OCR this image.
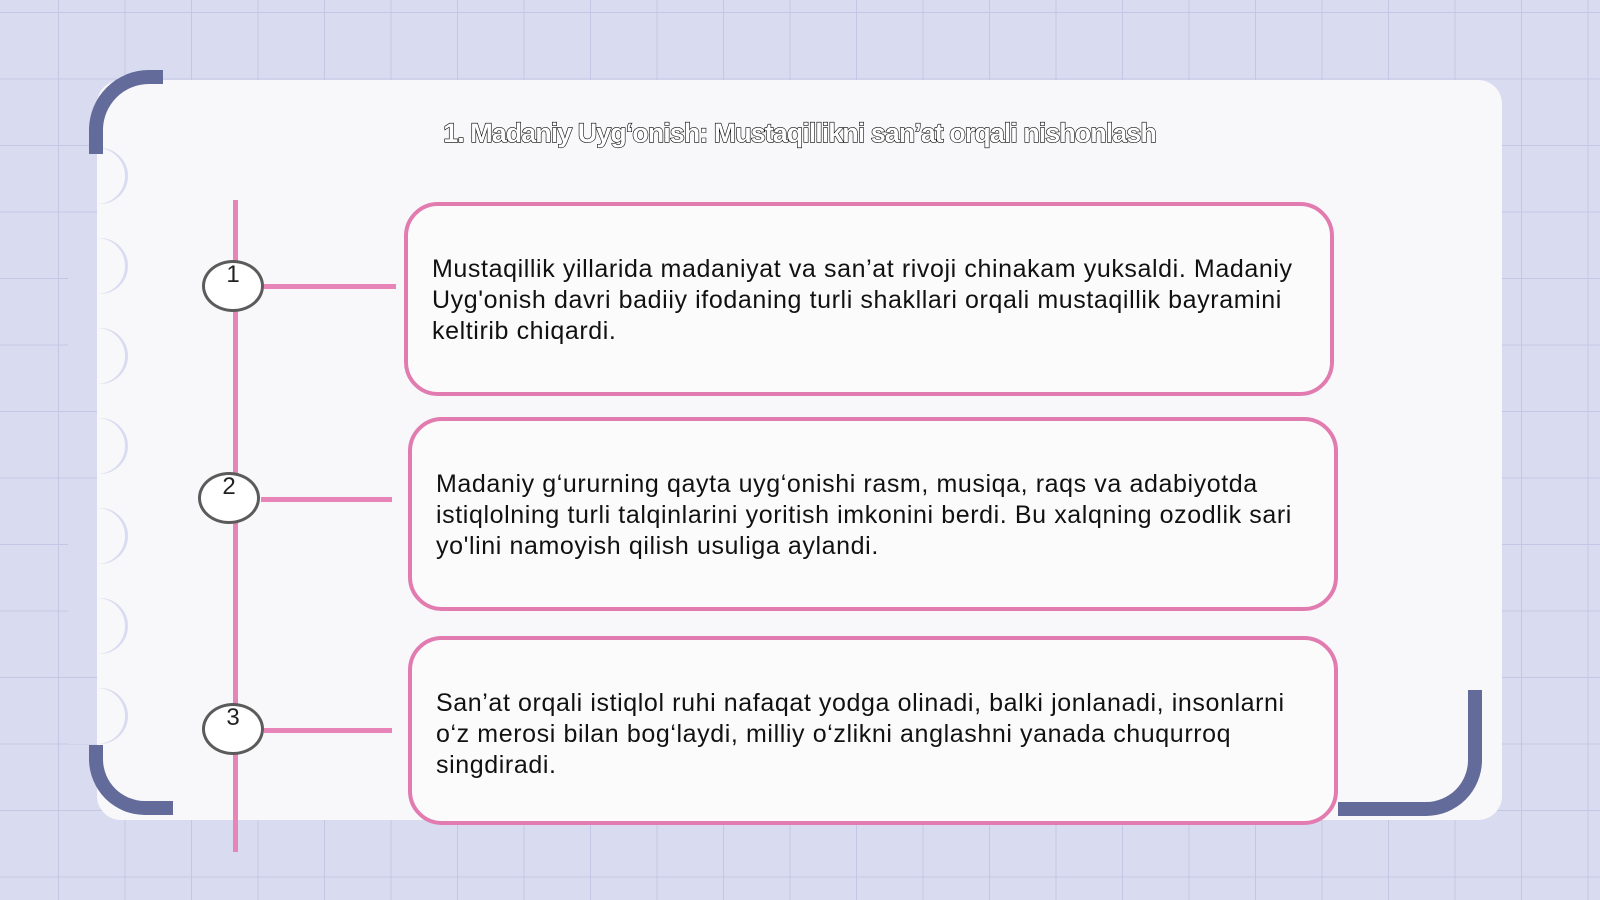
1. Madaniy Uyg‘onish: Mustaqillikni san’at orqali nishonlash
1	Mustaqillik yillarida madaniyat va san’at rivoji chinakam yuksaldi. Madaniy Uyg'onish davri badiiy ifodaning turli shakllari orqali mustaqillik bayramini keltirib chiqardi.
2	Madaniy g‘ururning qayta uyg‘onishi rasm, musiqa, raqs va adabiyotda istiqlolning turli talqinlarini yoritish imkonini berdi. Bu xalqning ozodlik sari yo'lini namoyish qilish usuliga aylandi.
3
San’at orqali istiqlol ruhi nafaqat yodga olinadi, balki jonlanadi, insonlarni o‘z merosi bilan bog‘laydi, milliy o‘zlikni anglashni yanada chuqurroq singdiradi.
